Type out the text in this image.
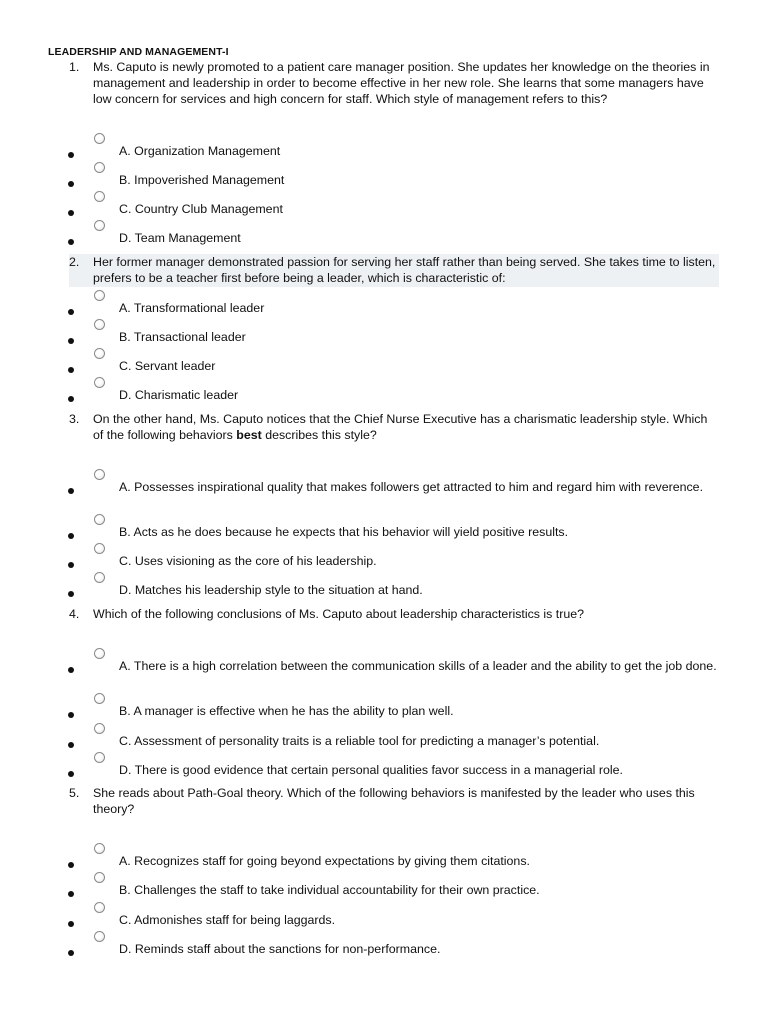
LEADERSHIP AND MANAGEMENT-I
1. Ms. Caputo is newly promoted to a patient care manager position. She updates her knowledge on the theories in management and leadership in order to become effective in her new role. She learns that some managers have low concern for services and high concern for staff. Which style of management refers to this?
A. Organization Management
B. Impoverished Management
C. Country Club Management
D. Team Management
2. Her former manager demonstrated passion for serving her staff rather than being served. She takes time to listen, prefers to be a teacher first before being a leader, which is characteristic of:
A. Transformational leader
B. Transactional leader
C. Servant leader
D. Charismatic leader
3. On the other hand, Ms. Caputo notices that the Chief Nurse Executive has a charismatic leadership style. Which of the following behaviors best describes this style?
A. Possesses inspirational quality that makes followers get attracted to him and regard him with reverence.
B. Acts as he does because he expects that his behavior will yield positive results.
C. Uses visioning as the core of his leadership.
D. Matches his leadership style to the situation at hand.
4. Which of the following conclusions of Ms. Caputo about leadership characteristics is true?
A. There is a high correlation between the communication skills of a leader and the ability to get the job done.
B. A manager is effective when he has the ability to plan well.
C. Assessment of personality traits is a reliable tool for predicting a manager’s potential.
D. There is good evidence that certain personal qualities favor success in a managerial role.
5. She reads about Path-Goal theory. Which of the following behaviors is manifested by the leader who uses this theory?
A. Recognizes staff for going beyond expectations by giving them citations.
B. Challenges the staff to take individual accountability for their own practice.
C. Admonishes staff for being laggards.
D. Reminds staff about the sanctions for non-performance.
